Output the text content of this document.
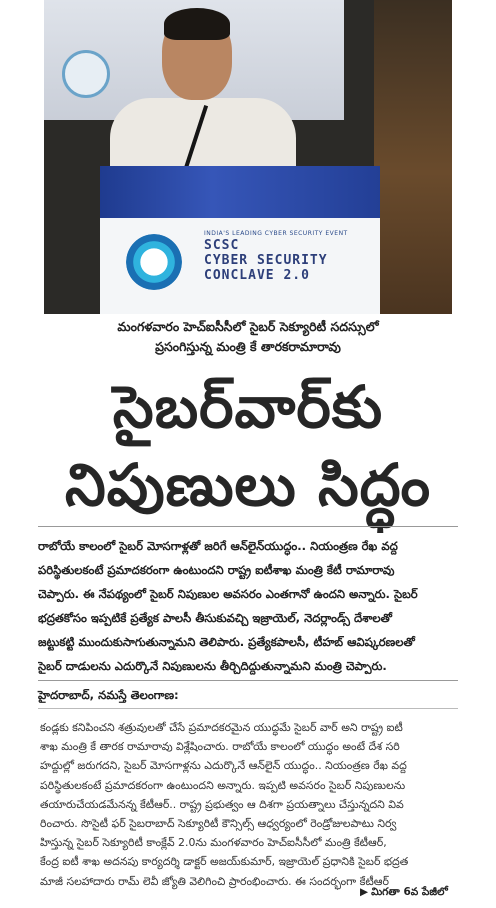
INDIA'S LEADING CYBER SECURITY EVENT
SCSC
CYBER SECURITY
CONCLAVE 2.0
మంగళవారం హెచ్ఐసీసీలో సైబర్ సెక్యూరిటీ సదస్సులో
ప్రసంగిస్తున్న మంత్రి కే తారకరామారావు
సైబర్‌వార్‌కు
నిపుణులు సిద్ధం
రాబోయే కాలంలో సైబర్ మోసగాళ్లతో జరిగే ఆన్‌లైన్‌యుద్ధం.. నియంత్రణ రేఖ వద్ద
పరిస్థితులకంటే ప్రమాదకరంగా ఉంటుందని రాష్ట్ర ఐటీశాఖ మంత్రి కేటీ రామారావు
చెప్పారు. ఈ నేపథ్యంలో సైబర్ నిపుణుల అవసరం ఎంతగానో ఉందని అన్నారు. సైబర్
భద్రతకోసం ఇప్పటికే ప్రత్యేక పాలసీ తీసుకువచ్చి ఇజ్రాయెల్, నెదర్లాండ్స్ దేశాలతో
జట్టుకట్టి ముందుకుసాగుతున్నామని తెలిపారు. ప్రత్యేకపాలసీ, టీహబ్ ఆవిష్కరణలతో
సైబర్ దాడులను ఎదుర్కొనే నిపుణులను తీర్చిదిద్దుతున్నామని మంత్రి చెప్పారు.
హైదరాబాద్, నమస్తే తెలంగాణ:
కండ్లకు కనిపించని శత్రువులతో చేసే ప్రమాదకరమైన యుద్ధమే సైబర్ వార్ అని రాష్ట్ర ఐటీ
శాఖ మంత్రి కే తారక రామారావు విశ్లేషించారు. రాబోయే కాలంలో యుద్ధం అంటే దేశ సరి
హద్దుల్లో జరుగదని, సైబర్ మోసగాళ్లను ఎదుర్కొనే ఆన్‌లైన్ యుద్ధం.. నియంత్రణ రేఖ వద్ద
పరిస్థితులకంటే ప్రమాదకరంగా ఉంటుందని అన్నారు. ఇప్పటి అవసరం సైబర్ నిపుణులను
తయారుచేయడమేనన్న కేటీఆర్.. రాష్ట్ర ప్రభుత్వం ఆ దిశగా ప్రయత్నాలు చేస్తున్నదని వివ
రించారు. సొసైటీ ఫర్ సైబరాబాద్ సెక్యూరిటీ కౌన్సిల్స్ ఆధ్వర్యంలో రెండ్రోజులపాటు నిర్వ
హిస్తున్న సైబర్ సెక్యూరిటీ కాంక్లేవ్ 2.0ను మంగళవారం హెచ్‌ఐసీసీలో మంత్రి కేటీఆర్,
కేంద్ర ఐటీ శాఖ అదనపు కార్యదర్శి డాక్టర్ అజయ్‌కుమార్, ఇజ్రాయెల్ ప్రధానికి సైబర్ భద్రత
మాజీ సలహాదారు రామ్ లెవీ జ్యోతి వెలిగించి ప్రారంభించారు. ఈ సందర్భంగా కేటీఆర్
▶ మిగతా 6వ పేజీలో
